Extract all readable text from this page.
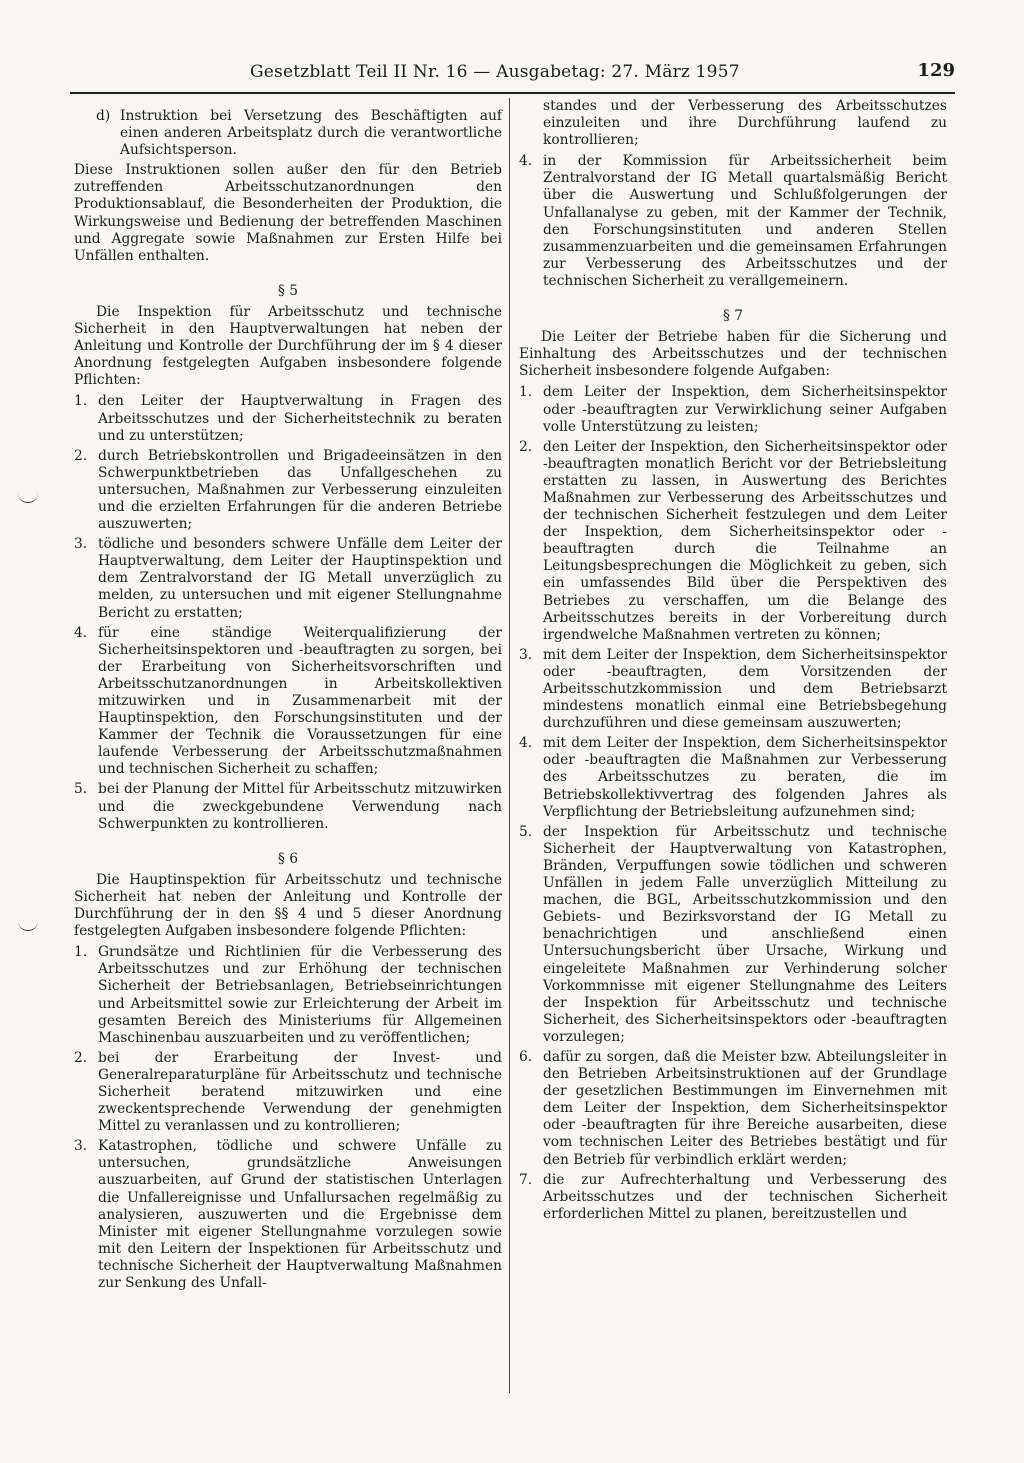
Gesetzblatt Teil II Nr. 16 — Ausgabetag: 27. März 1957	129
d) Instruktion bei Versetzung des Beschäftigten auf einen anderen Arbeitsplatz durch die verantwortliche Aufsichtsperson.

Diese Instruktionen sollen außer den für den Betrieb zutreffenden Arbeitsschutzanordnungen den Produktionsablauf, die Besonderheiten der Produktion, die Wirkungsweise und Bedienung der betreffenden Maschinen und Aggregate sowie Maßnahmen zur Ersten Hilfe bei Unfällen enthalten.

§ 5

Die Inspektion für Arbeitsschutz und technische Sicherheit in den Hauptverwaltungen hat neben der Anleitung und Kontrolle der Durchführung der im § 4 dieser Anordnung festgelegten Aufgaben insbesondere folgende Pflichten:

1. den Leiter der Hauptverwaltung in Fragen des Arbeitsschutzes und der Sicherheitstechnik zu beraten und zu unterstützen;
2. durch Betriebskontrollen und Brigadeeinsätzen in den Schwerpunktbetrieben das Unfallgeschehen zu untersuchen, Maßnahmen zur Verbesserung einzuleiten und die erzielten Erfahrungen für die anderen Betriebe auszuwerten;
3. tödliche und besonders schwere Unfälle dem Leiter der Hauptverwaltung, dem Leiter der Hauptinspektion und dem Zentralvorstand der IG Metall unverzüglich zu melden, zu untersuchen und mit eigener Stellungnahme Bericht zu erstatten;
4. für eine ständige Weiterqualifizierung der Sicherheitsinspektoren und -beauftragten zu sorgen, bei der Erarbeitung von Sicherheitsvorschriften und Arbeitsschutzanordnungen in Arbeitskollektiven mitzuwirken und in Zusammenarbeit mit der Hauptinspektion, den Forschungsinstituten und der Kammer der Technik die Voraussetzungen für eine laufende Verbesserung der Arbeitsschutzmaßnahmen und technischen Sicherheit zu schaffen;
5. bei der Planung der Mittel für Arbeitsschutz mitzuwirken und die zweckgebundene Verwendung nach Schwerpunkten zu kontrollieren.

§ 6

Die Hauptinspektion für Arbeitsschutz und technische Sicherheit hat neben der Anleitung und Kontrolle der Durchführung der in den §§ 4 und 5 dieser Anordnung festgelegten Aufgaben insbesondere folgende Pflichten:

1. Grundsätze und Richtlinien für die Verbesserung des Arbeitsschutzes und zur Erhöhung der technischen Sicherheit der Betriebsanlagen, Betriebseinrichtungen und Arbeitsmittel sowie zur Erleichterung der Arbeit im gesamten Bereich des Ministeriums für Allgemeinen Maschinenbau auszuarbeiten und zu veröffentlichen;
2. bei der Erarbeitung der Invest- und Generalreparaturpläne für Arbeitsschutz und technische Sicherheit beratend mitzuwirken und eine zweckentsprechende Verwendung der genehmigten Mittel zu veranlassen und zu kontrollieren;
3. Katastrophen, tödliche und schwere Unfälle zu untersuchen, grundsätzliche Anweisungen auszuarbeiten, auf Grund der statistischen Unterlagen die Unfallereignisse und Unfallursachen regelmäßig zu analysieren, auszuwerten und die Ergebnisse dem Minister mit eigener Stellungnahme vorzulegen sowie mit den Leitern der Inspektionen für Arbeitsschutz und technische Sicherheit der Hauptverwaltung Maßnahmen zur Senkung des Unfall-

standes und der Verbesserung des Arbeitsschutzes einzuleiten und ihre Durchführung laufend zu kontrollieren;

4. in der Kommission für Arbeitssicherheit beim Zentralvorstand der IG Metall quartalsmäßig Bericht über die Auswertung und Schlußfolgerungen der Unfallanalyse zu geben, mit der Kammer der Technik, den Forschungsinstituten und anderen Stellen zusammenzuarbeiten und die gemeinsamen Erfahrungen zur Verbesserung des Arbeitsschutzes und der technischen Sicherheit zu verallgemeinern.

§ 7

Die Leiter der Betriebe haben für die Sicherung und Einhaltung des Arbeitsschutzes und der technischen Sicherheit insbesondere folgende Aufgaben:

1. dem Leiter der Inspektion, dem Sicherheitsinspektor oder -beauftragten zur Verwirklichung seiner Aufgaben volle Unterstützung zu leisten;
2. den Leiter der Inspektion, den Sicherheitsinspektor oder -beauftragten monatlich Bericht vor der Betriebsleitung erstatten zu lassen, in Auswertung des Berichtes Maßnahmen zur Verbesserung des Arbeitsschutzes und der technischen Sicherheit festzulegen und dem Leiter der Inspektion, dem Sicherheitsinspektor oder -beauftragten durch die Teilnahme an Leitungsbesprechungen die Möglichkeit zu geben, sich ein umfassendes Bild über die Perspektiven des Betriebes zu verschaffen, um die Belange des Arbeitsschutzes bereits in der Vorbereitung durch irgendwelche Maßnahmen vertreten zu können;
3. mit dem Leiter der Inspektion, dem Sicherheitsinspektor oder -beauftragten, dem Vorsitzenden der Arbeitsschutzkommission und dem Betriebsarzt mindestens monatlich einmal eine Betriebsbegehung durchzuführen und diese gemeinsam auszuwerten;
4. mit dem Leiter der Inspektion, dem Sicherheitsinspektor oder -beauftragten die Maßnahmen zur Verbesserung des Arbeitsschutzes zu beraten, die im Betriebskollektivvertrag des folgenden Jahres als Verpflichtung der Betriebsleitung aufzunehmen sind;
5. der Inspektion für Arbeitsschutz und technische Sicherheit der Hauptverwaltung von Katastrophen, Bränden, Verpuffungen sowie tödlichen und schweren Unfällen in jedem Falle unverzüglich Mitteilung zu machen, die BGL, Arbeitsschutzkommission und den Gebiets- und Bezirksvorstand der IG Metall zu benachrichtigen und anschließend einen Untersuchungsbericht über Ursache, Wirkung und eingeleitete Maßnahmen zur Verhinderung solcher Vorkommnisse mit eigener Stellungnahme des Leiters der Inspektion für Arbeitsschutz und technische Sicherheit, des Sicherheitsinspektors oder -beauftragten vorzulegen;
6. dafür zu sorgen, daß die Meister bzw. Abteilungsleiter in den Betrieben Arbeitsinstruktionen auf der Grundlage der gesetzlichen Bestimmungen im Einvernehmen mit dem Leiter der Inspektion, dem Sicherheitsinspektor oder -beauftragten für ihre Bereiche ausarbeiten, diese vom technischen Leiter des Betriebes bestätigt und für den Betrieb für verbindlich erklärt werden;
7. die zur Aufrechterhaltung und Verbesserung des Arbeitsschutzes und der technischen Sicherheit erforderlichen Mittel zu planen, bereitzustellen und
